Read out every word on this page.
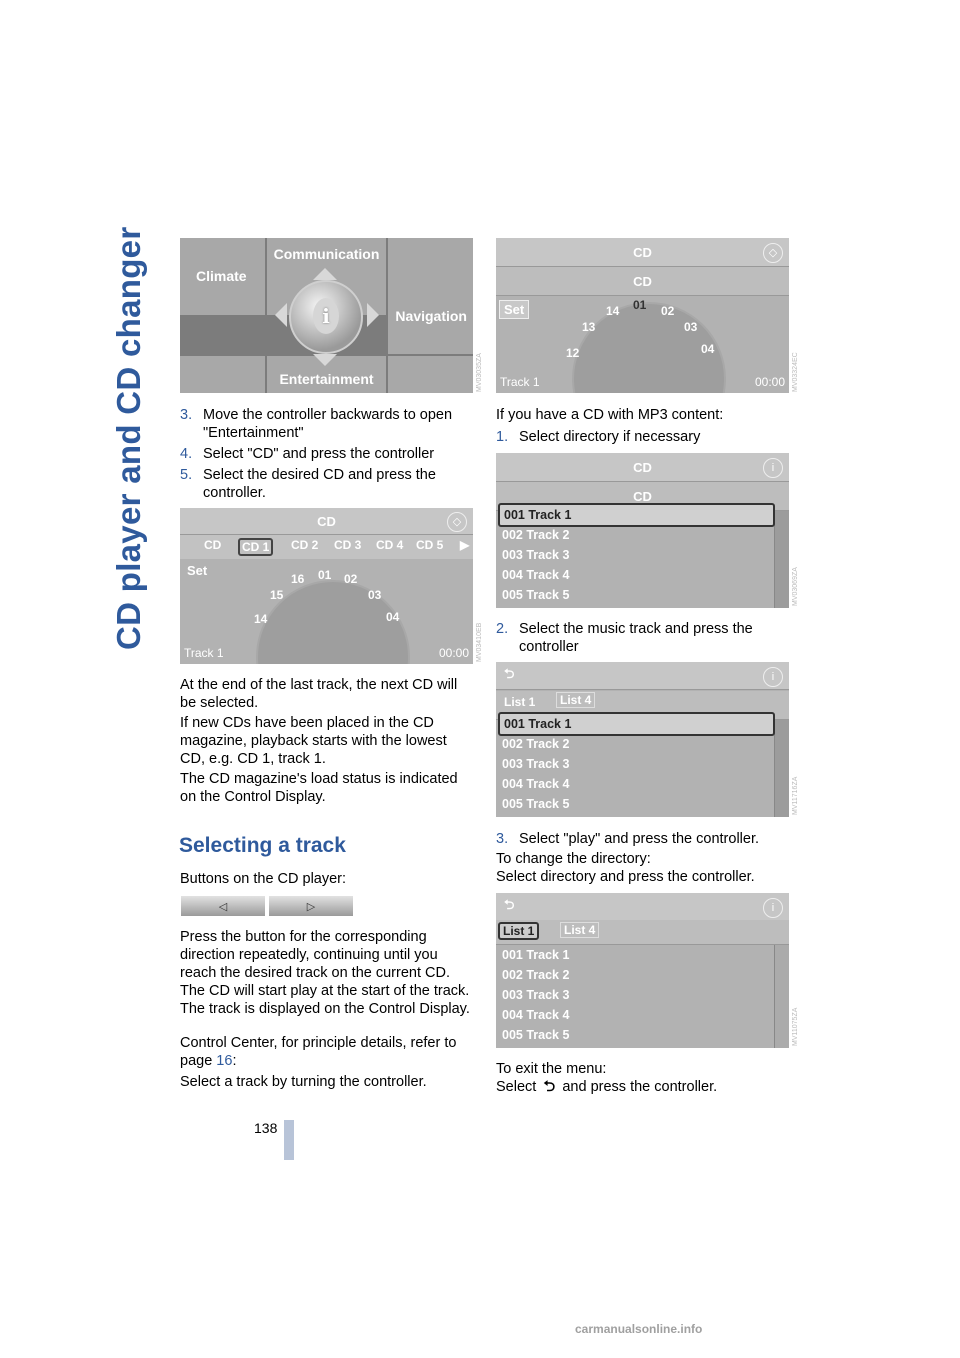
CD player and CD changer
138
Communication
Climate
Navigation
Entertainment
i
MV03035ZA
CD	◇
CD
Set
12
13
14 01 02
03
04
Track 1	00:00 MV03324EC
3. Move the controller backwards to open "Entertainment"
4. Select "CD" and press the controller
5. Select the desired CD and press the controller.
CD	◇
CD	CD 1	CD 2 CD 3 CD 4 CD 5 ▶
Set
14
15
16 01 02
03
04
Track 1	00:00 MV03410EB

At the end of the last track, the next CD will be selected.

If new CDs have been placed in the CD magazine, playback starts with the lowest CD, e.g. CD 1, track 1.

The CD magazine's load status is indicated on the Control Display.

Selecting a track

Buttons on the CD player:

◁	▷

Press the button for the corresponding direction repeatedly, continuing until you reach the desired track on the current CD. The CD will start play at the start of the track. The track is displayed on the Control Display.

Control Center, for principle details, refer to page 16:

Select a track by turning the controller.

If you have a CD with MP3 content:

1. Select directory if necessary
CD	i
CD
001 Track 1
002 Track 2
003 Track 3
004 Track 4
005 Track 5	MV03069ZA
2. Select the music track and press the controller
⮌	i
List 1	List 4
001 Track 1
002 Track 2
003 Track 3
004 Track 4
005 Track 5	MV11716ZA
3. Select "play" and press the controller.

To change the directory:

Select directory and press the controller.

⮌	i
List 1	List 4
001 Track 1
002 Track 2
003 Track 3
004 Track 4
005 Track 5	MV11075ZA

To exit the menu:

Select ⮌ and press the controller.

carmanualsonline.info
